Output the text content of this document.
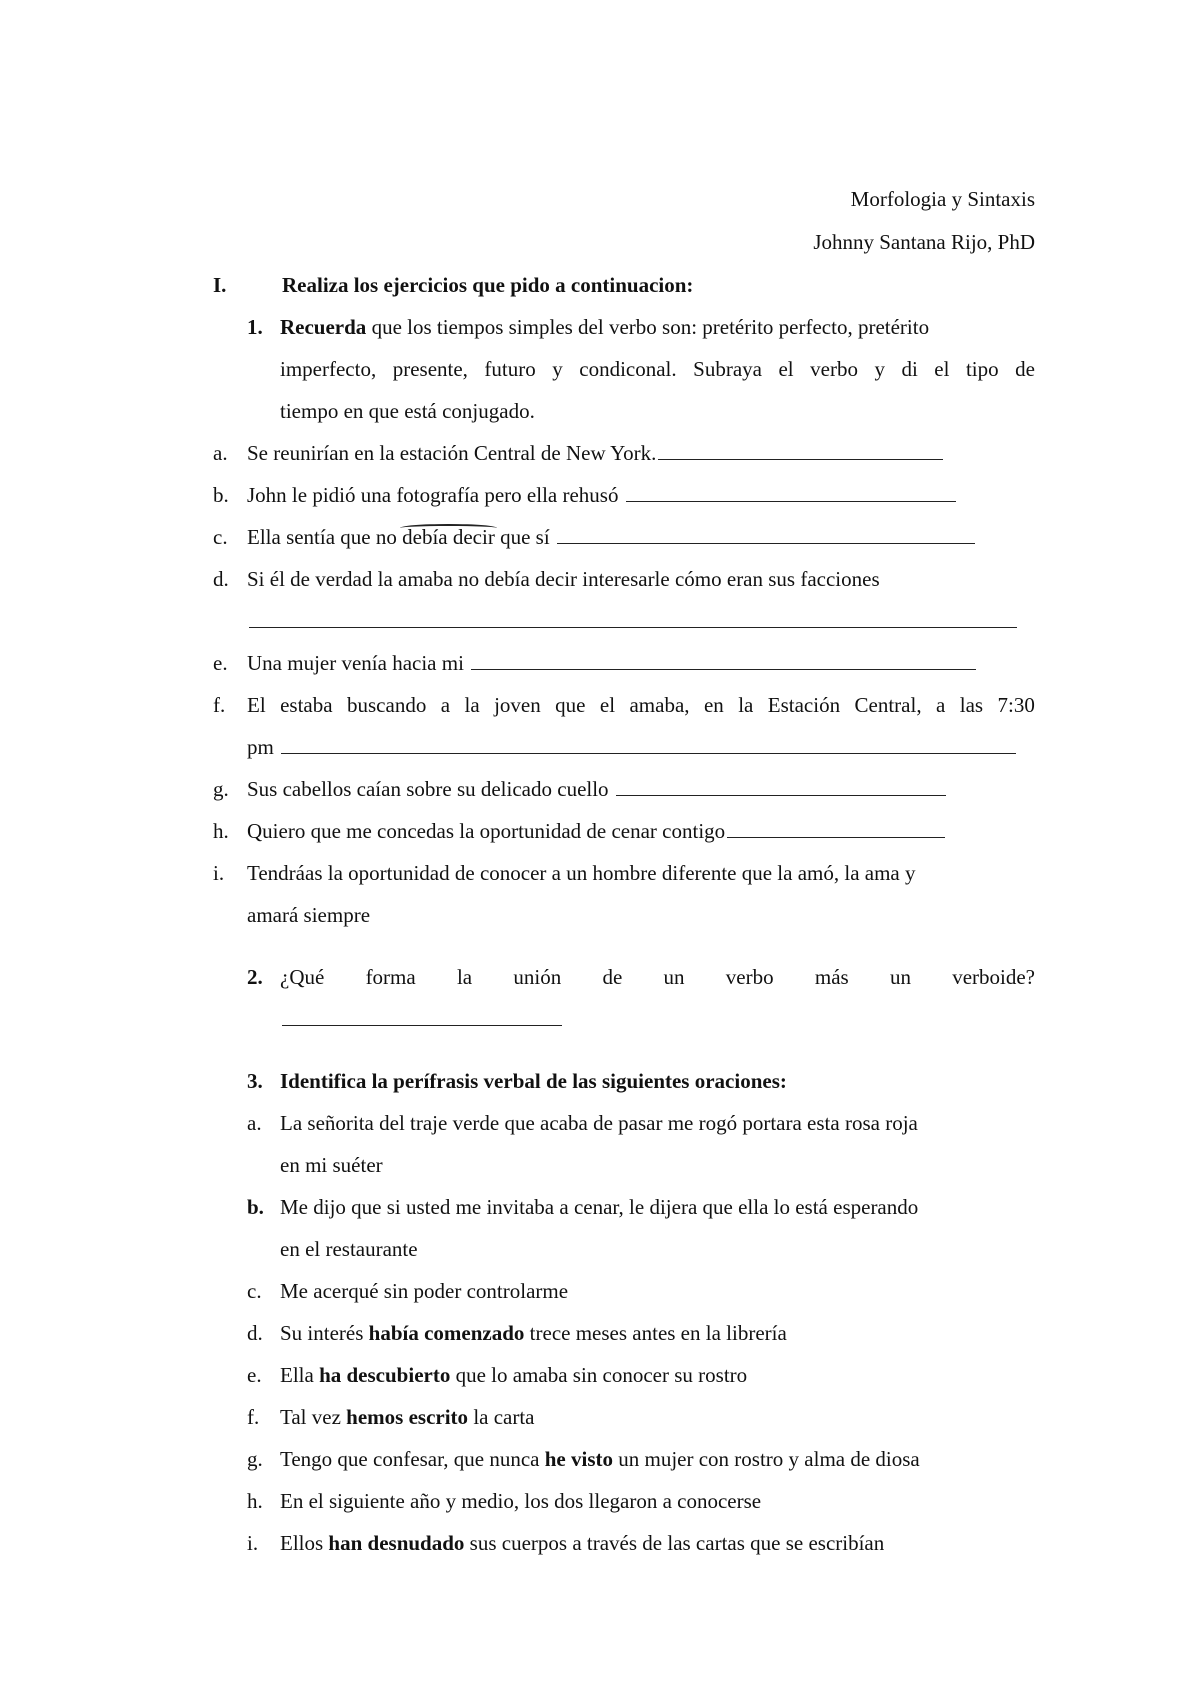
Morfologia y Sintaxis
Johnny Santana Rijo, PhD
I.	Realiza los ejercicios que pido a continuacion:
1. Recuerda que los tiempos simples del verbo son: pretérito perfecto, pretérito
imperfecto, presente, futuro y condiconal. Subraya el verbo y di el tipo de
tiempo en que está conjugado.
a. Se reunirían en la estación Central de New York.
b. John le pidió una fotografía pero ella rehusó
c. Ella sentía que no debía decir que sí
d. Si él de verdad la amaba no debía decir interesarle cómo eran sus facciones
e. Una mujer venía hacia mi
f. El estaba buscando a la joven que el amaba, en la Estación Central, a las 7:30
pm
g. Sus cabellos caían sobre su delicado cuello
h. Quiero que me concedas la oportunidad de cenar contigo
i. Tendráas la oportunidad de conocer a un hombre diferente que la amó, la ama y
amará siempre
2. ¿Qué forma la unión de un verbo más un verboide?
3. Identifica la perífrasis verbal de las siguientes oraciones:
a. La señorita del traje verde que acaba de pasar me rogó portara esta rosa roja
en mi suéter
b. Me dijo que si usted me invitaba a cenar, le dijera que ella lo está esperando
en el restaurante
c. Me acerqué sin poder controlarme
d. Su interés había comenzado trece meses antes en la librería
e. Ella ha descubierto que lo amaba sin conocer su rostro
f. Tal vez hemos escrito la carta
g. Tengo que confesar, que nunca he visto un mujer con rostro y alma de diosa
h. En el siguiente año y medio, los dos llegaron a conocerse
i. Ellos han desnudado sus cuerpos a través de las cartas que se escribían
